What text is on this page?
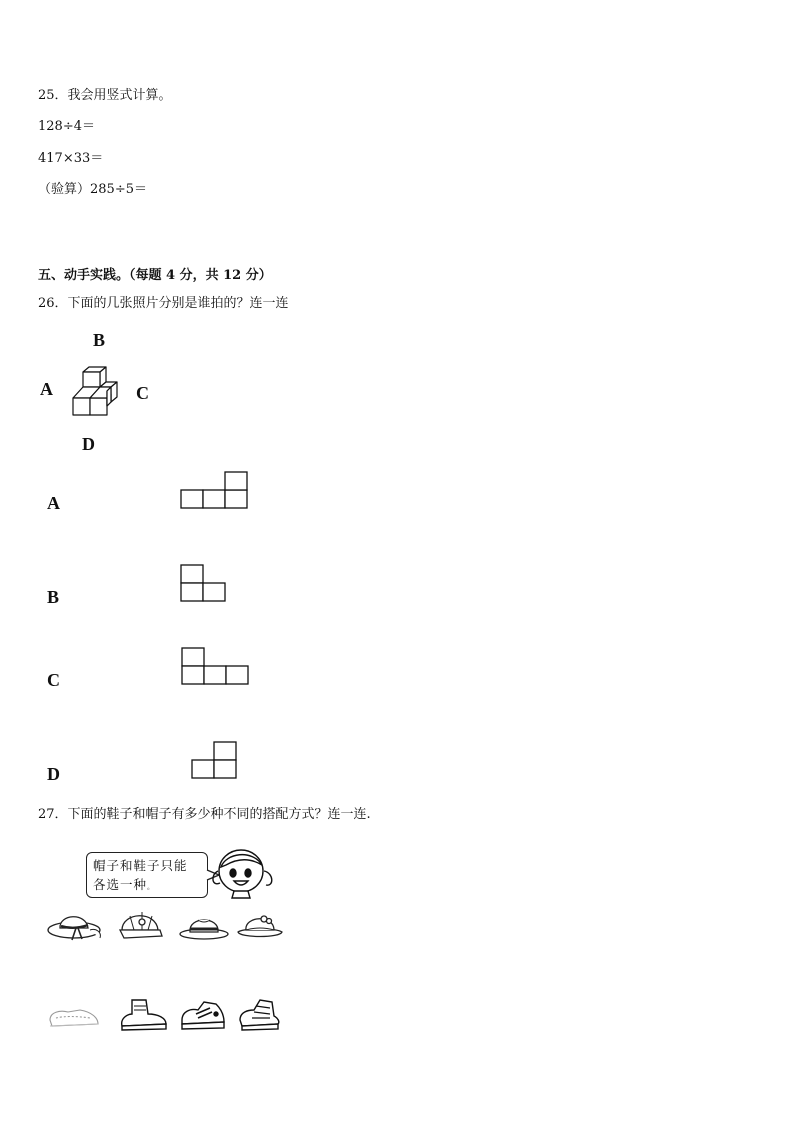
25．我会用竖式计算。
128÷4＝
417×33＝
（验算）285÷5＝
五、动手实践。（每题 4 分，共 12 分）
26．下面的几张照片分别是谁拍的？连一连
B
A	C
D
A
B
C
D
27．下面的鞋子和帽子有多少种不同的搭配方式？连一连.
帽子和鞋子只能
各选一种。
